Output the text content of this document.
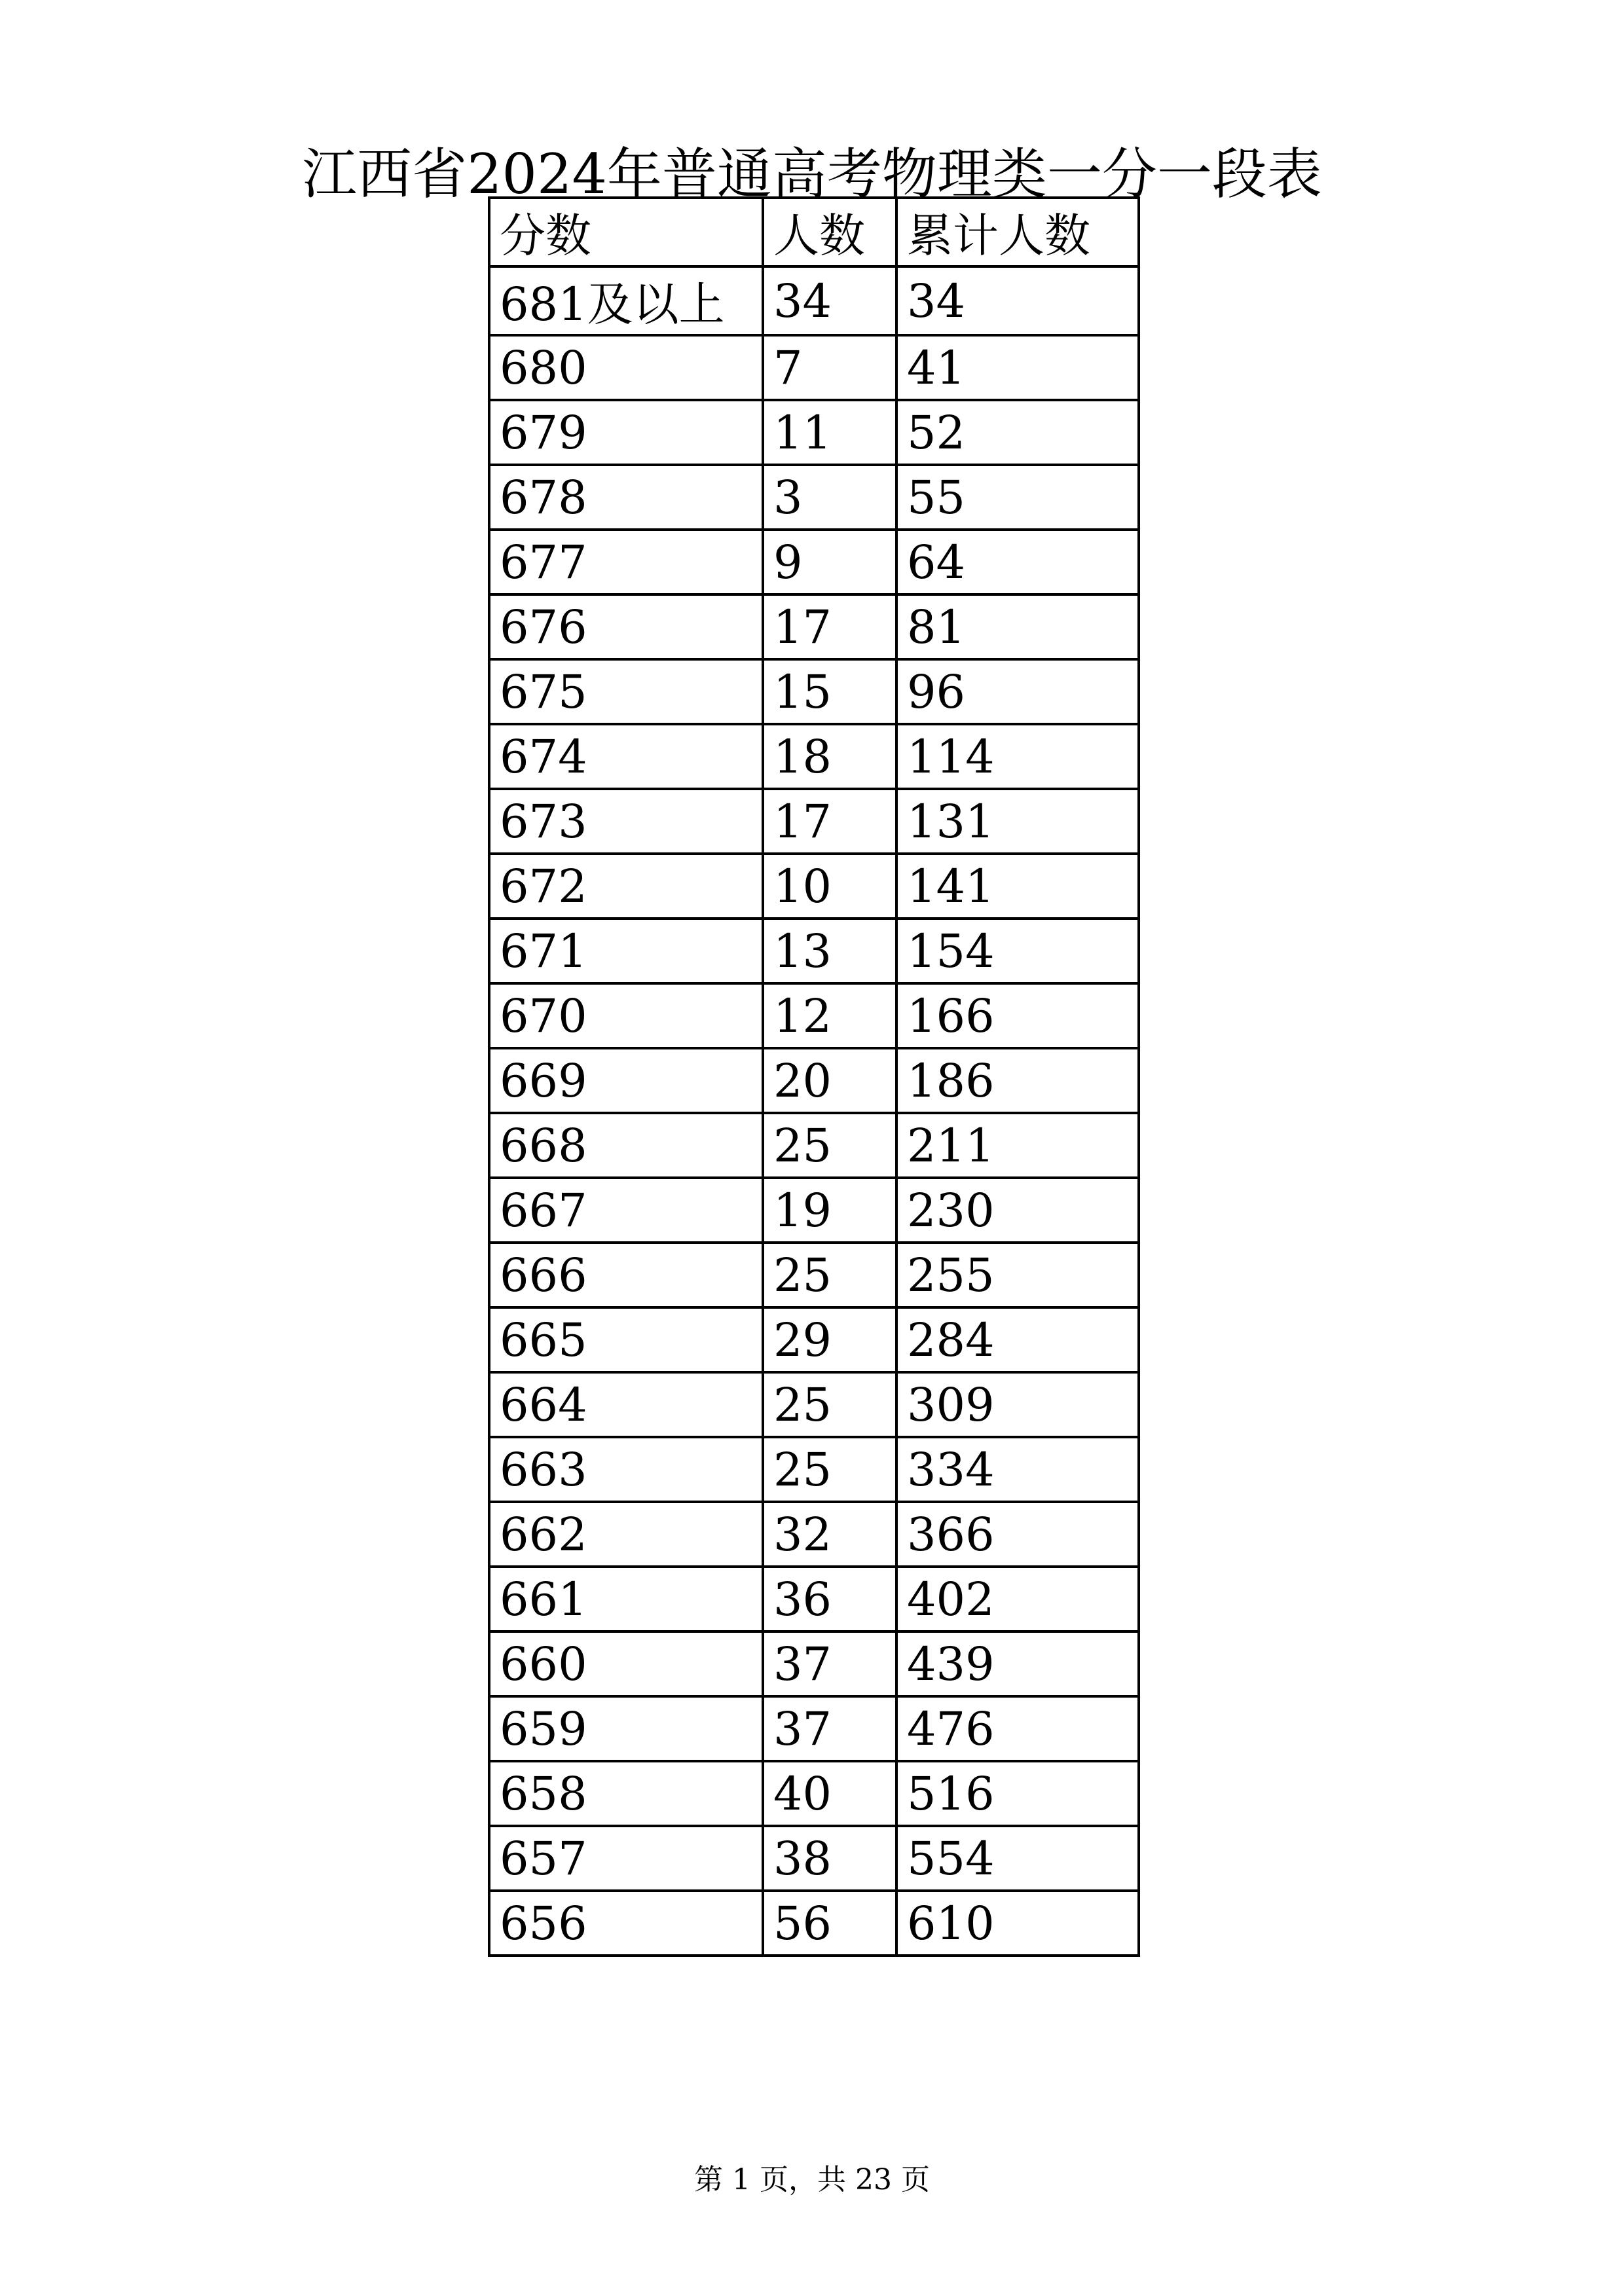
江西省2024年普通高考物理类一分一段表
分数	人数	累计人数
681及以上	34	34
680	7	41
679	11	52
678	3	55
677	9	64
676	17	81
675	15	96
674	18	114
673	17	131
672	10	141
671	13	154
670	12	166
669	20	186
668	25	211
667	19	230
666	25	255
665	29	284
664	25	309
663	25	334
662	32	366
661	36	402
660	37	439
659	37	476
658	40	516
657	38	554
656	56	610
第 1 页，共 23 页
